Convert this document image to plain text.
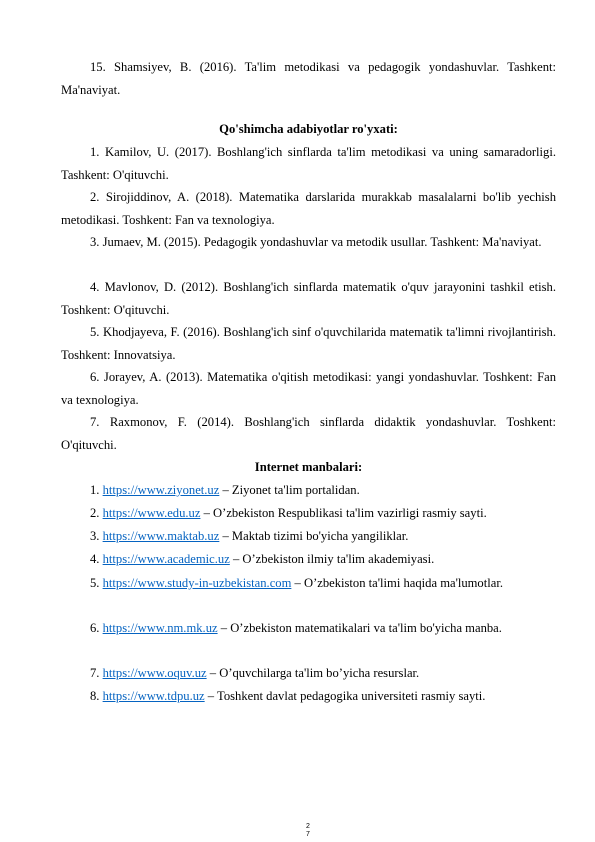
15. Shamsiyev, B. (2016). Ta'lim metodikasi va pedagogik yondashuvlar. Tashkent: Ma'naviyat.

Qo'shimcha adabiyotlar ro'yxati:

1. Kamilov, U. (2017). Boshlang'ich sinflarda ta'lim metodikasi va uning samaradorligi. Tashkent: O'qituvchi.

2. Sirojiddinov, A. (2018). Matematika darslarida murakkab masalalarni bo'lib yechish metodikasi. Toshkent: Fan va texnologiya.

3. Jumaev, M. (2015). Pedagogik yondashuvlar va metodik usullar. Tashkent: Ma'naviyat.

4. Mavlonov, D. (2012). Boshlang'ich sinflarda matematik o'quv jarayonini tashkil etish. Toshkent: O'qituvchi.

5. Khodjayeva, F. (2016). Boshlang'ich sinf o'quvchilarida matematik ta'limni rivojlantirish. Toshkent: Innovatsiya.

6. Jorayev, A. (2013). Matematika o'qitish metodikasi: yangi yondashuvlar. Toshkent: Fan va texnologiya.

7. Raxmonov, F. (2014). Boshlang'ich sinflarda didaktik yondashuvlar. Toshkent: O'qituvchi.

Internet manbalari:

1. https://www.ziyonet.uz – Ziyonet ta'lim portalidan.

2. https://www.edu.uz – O’zbekiston Respublikasi ta'lim vazirligi rasmiy sayti.

3. https://www.maktab.uz – Maktab tizimi bo'yicha yangiliklar.

4. https://www.academic.uz – O’zbekiston ilmiy ta'lim akademiyasi.

5. https://www.study-in-uzbekistan.com – O’zbekiston ta'limi haqida ma'lumotlar.

6. https://www.nm.mk.uz – O’zbekiston matematikalari va ta'lim bo'yicha manba.

7. https://www.oquv.uz – O’quvchilarga ta'lim bo’yicha resurslar.

8. https://www.tdpu.uz – Toshkent davlat pedagogika universiteti rasmiy sayti.

2
7
